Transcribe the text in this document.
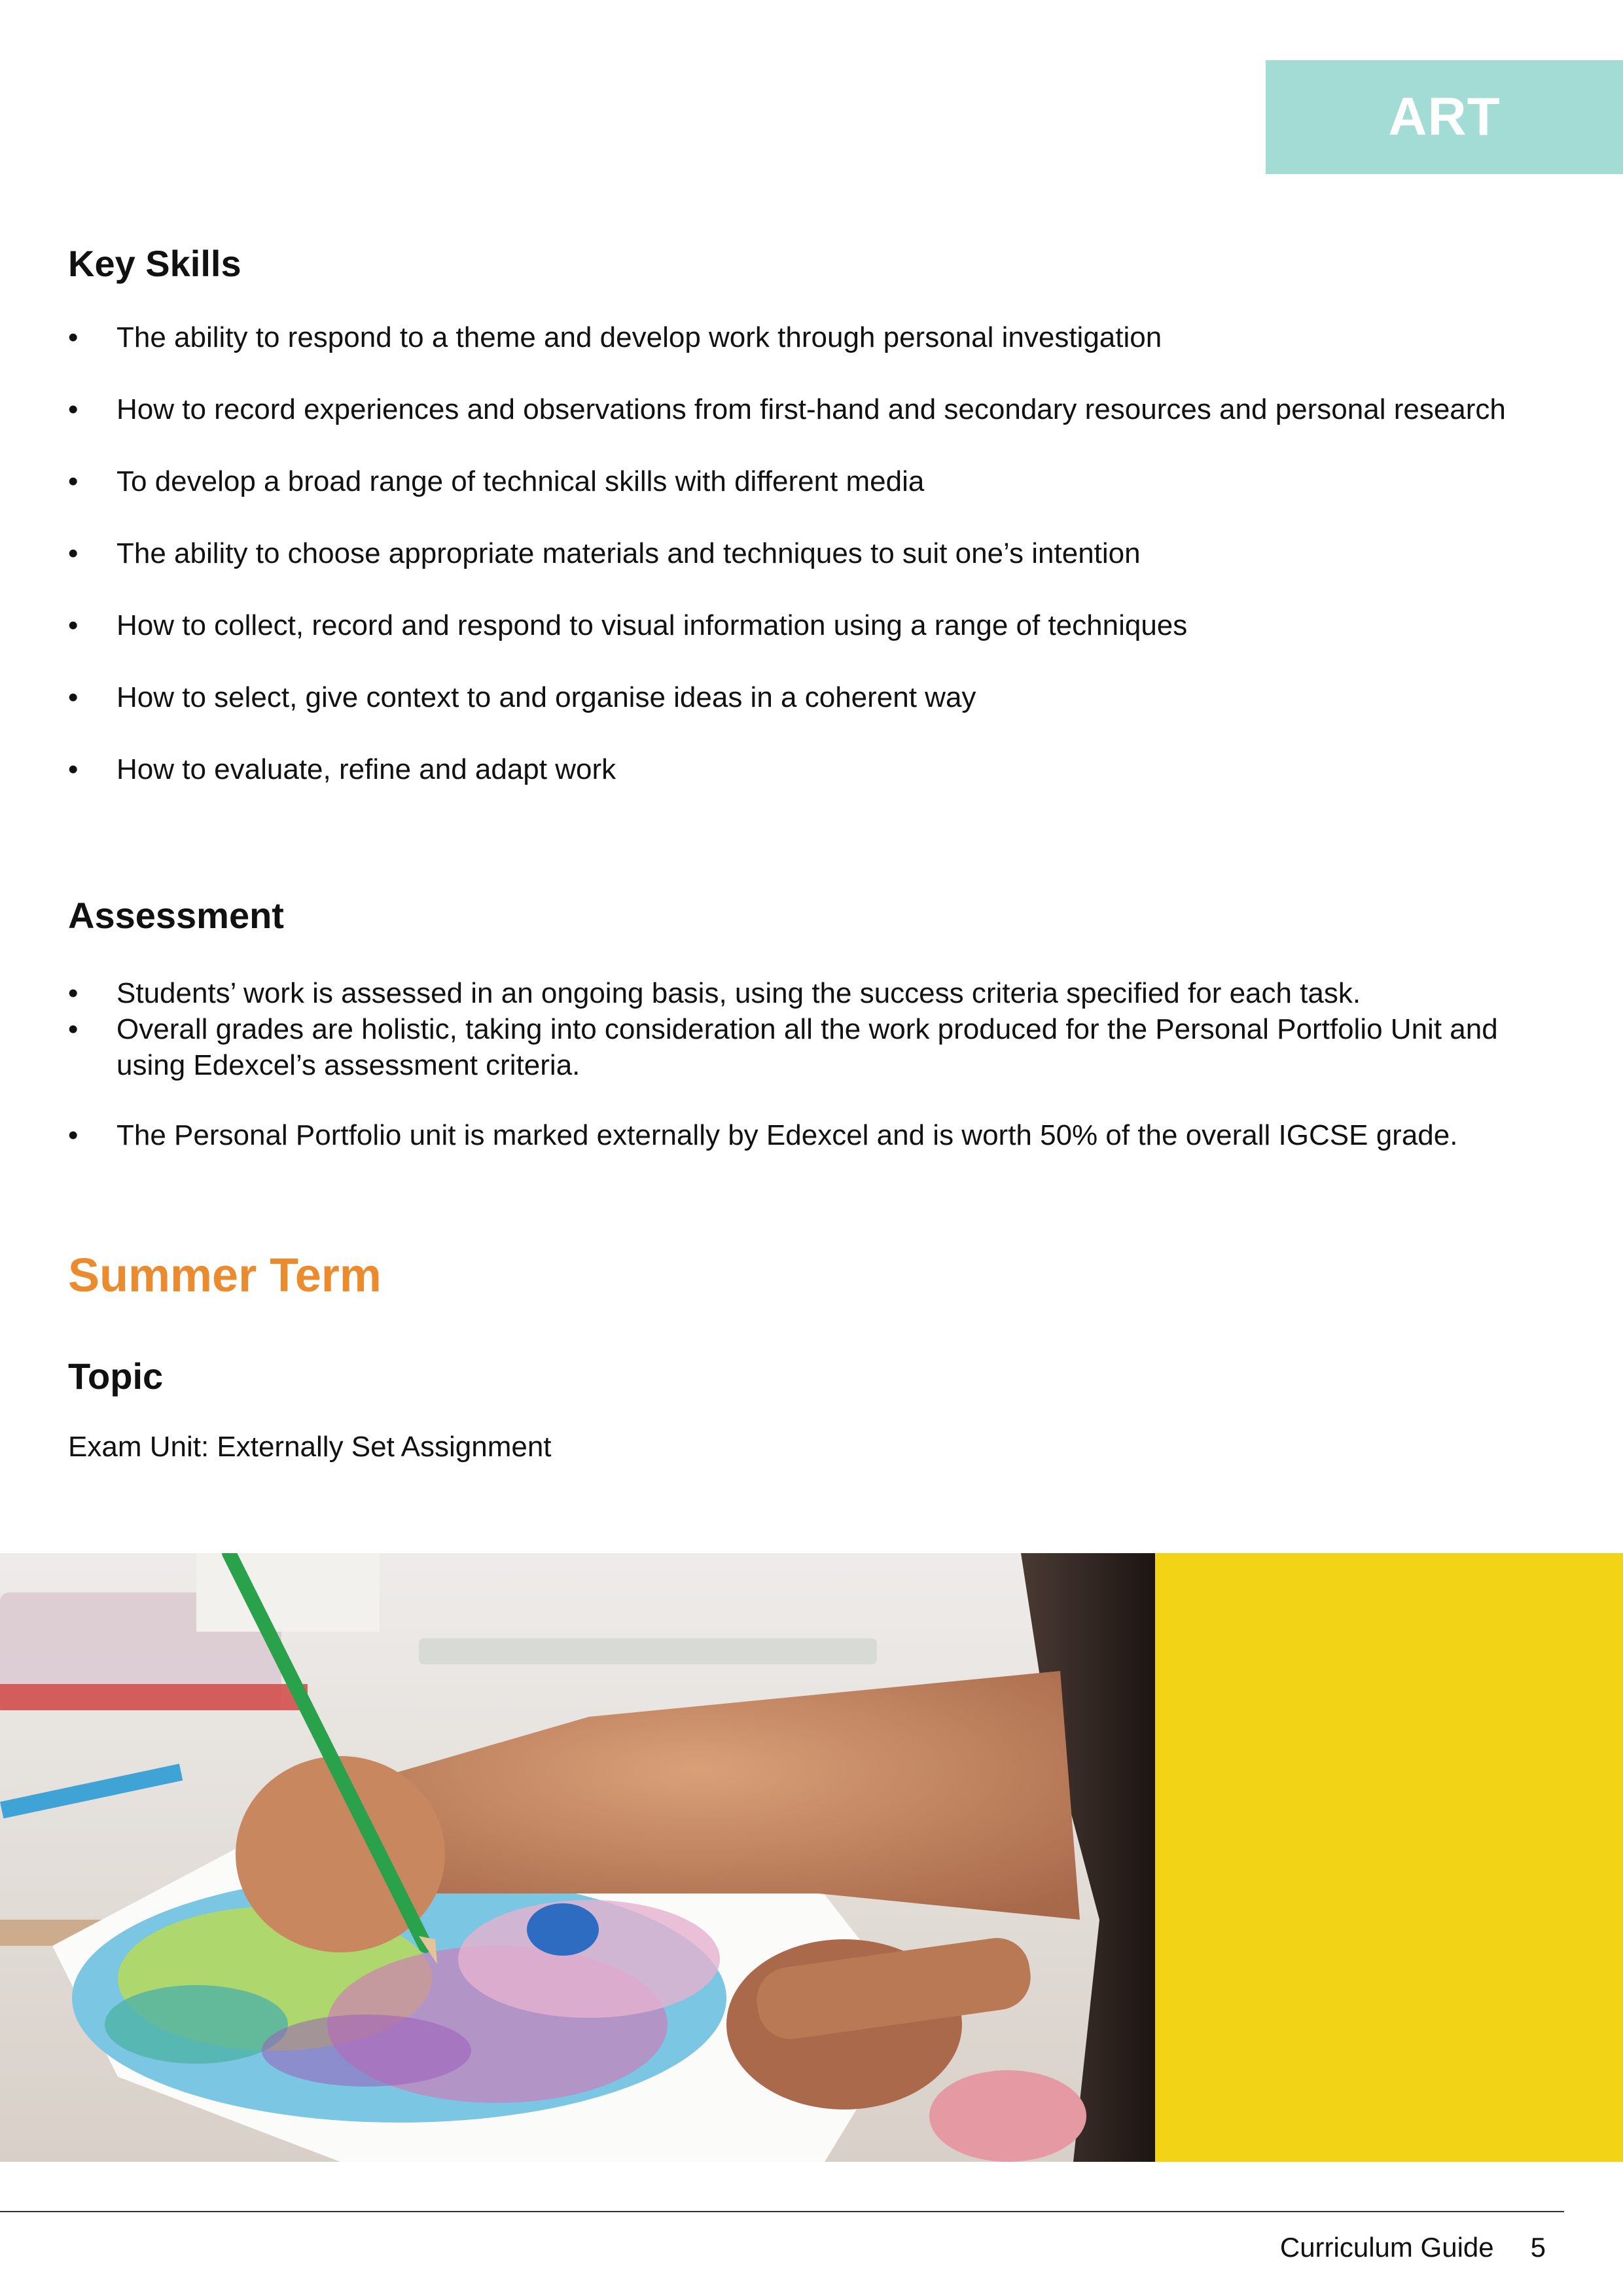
ART
Key Skills
• The ability to respond to a theme and develop work through personal investigation
• How to record experiences and observations from first-hand and secondary resources and personal research
• To develop a broad range of technical skills with different media
• The ability to choose appropriate materials and techniques to suit one’s intention
• How to collect, record and respond to visual information using a range of techniques
• How to select, give context to and organise ideas in a coherent way
• How to evaluate, refine and adapt work
Assessment
• Students’ work is assessed in an ongoing basis, using the success criteria specified for each task.
• Overall grades are holistic, taking into consideration all the work produced for the Personal Portfolio Unit and using Edexcel’s assessment criteria.
• The Personal Portfolio unit is marked externally by Edexcel and is worth 50% of the overall IGCSE grade.
Summer Term
Topic

Exam Unit: Externally Set Assignment

Curriculum Guide 5
